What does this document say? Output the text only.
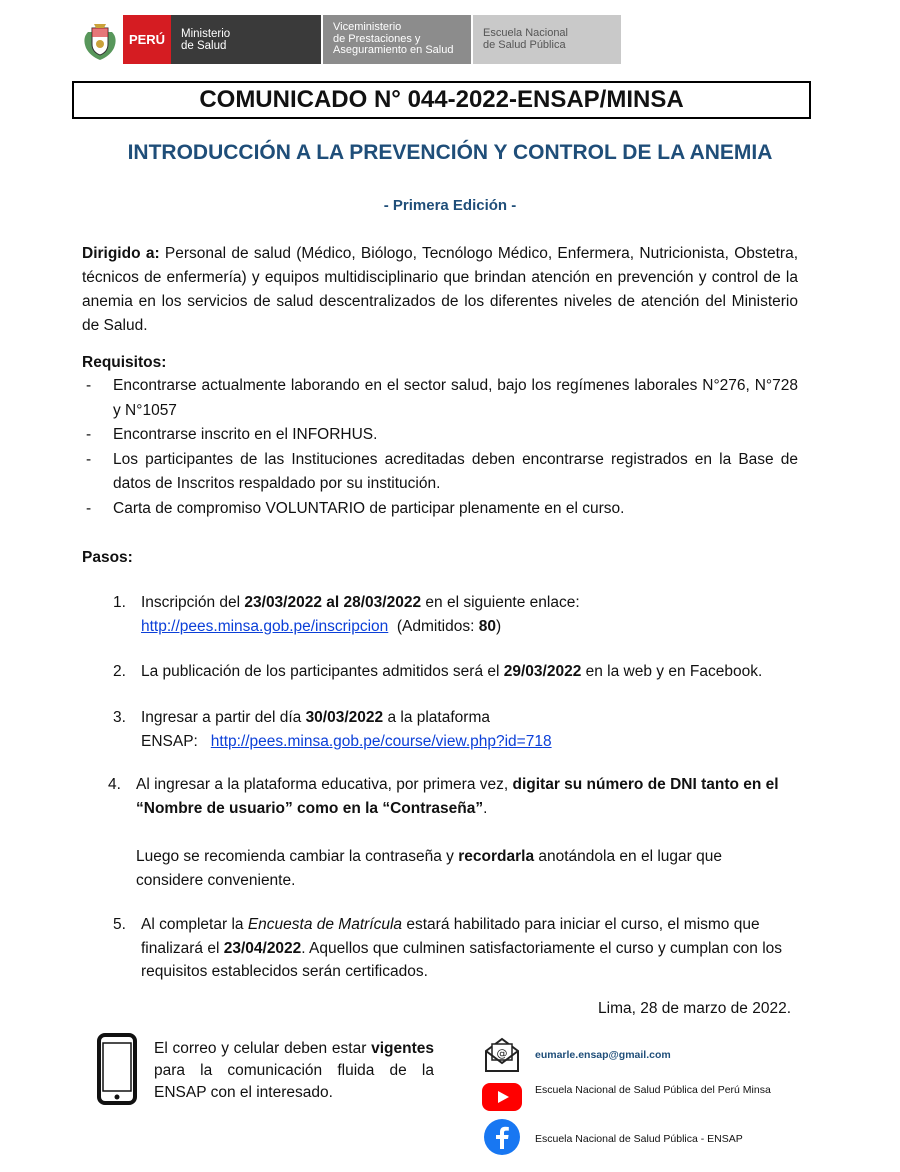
PERÚ	Ministerio
de Salud
Viceministerio
de Prestaciones y
Aseguramiento en Salud
Escuela Nacional
de Salud Pública
COMUNICADO N° 044-2022-ENSAP/MINSA
INTRODUCCIÓN A LA PREVENCIÓN Y CONTROL DE LA ANEMIA
- Primera Edición -
Dirigido a: Personal de salud (Médico, Biólogo, Tecnólogo Médico, Enfermera, Nutricionista, Obstetra, técnicos de enfermería) y equipos multidisciplinario que brindan atención en prevención y control de la anemia en los servicios de salud descentralizados de los diferentes niveles de atención del Ministerio de Salud.
Requisitos:
- Encontrarse actualmente laborando en el sector salud, bajo los regímenes laborales N°276, N°728 y N°1057
- Encontrarse inscrito en el INFORHUS.
- Los participantes de las Instituciones acreditadas deben encontrarse registrados en la Base de datos de Inscritos respaldado por su institución.
- Carta de compromiso VOLUNTARIO de participar plenamente en el curso.
Pasos:
1. Inscripción del 23/03/2022 al 28/03/2022 en el siguiente enlace:
http://pees.minsa.gob.pe/inscripcion  (Admitidos: 80)
2. La publicación de los participantes admitidos será el 29/03/2022 en la web y en Facebook.
3. Ingresar a partir del día 30/03/2022 a la plataforma
ENSAP:   http://pees.minsa.gob.pe/course/view.php?id=718
4. Al ingresar a la plataforma educativa, por primera vez, digitar su número de DNI tanto en el “Nombre de usuario” como en la “Contraseña”.
Luego se recomienda cambiar la contraseña y recordarla anotándola en el lugar que considere conveniente.
5. Al completar la Encuesta de Matrícula estará habilitado para iniciar el curso, el mismo que finalizará el 23/04/2022. Aquellos que culminen satisfactoriamente el curso y cumplan con los requisitos establecidos serán certificados.
Lima, 28 de marzo de 2022.
El correo y celular deben estar vigentes para la comunicación fluida de la ENSAP con el interesado.
@	eumarle.ensap@gmail.com
Escuela Nacional de Salud Pública del Perú Minsa
Escuela Nacional de Salud Pública - ENSAP
